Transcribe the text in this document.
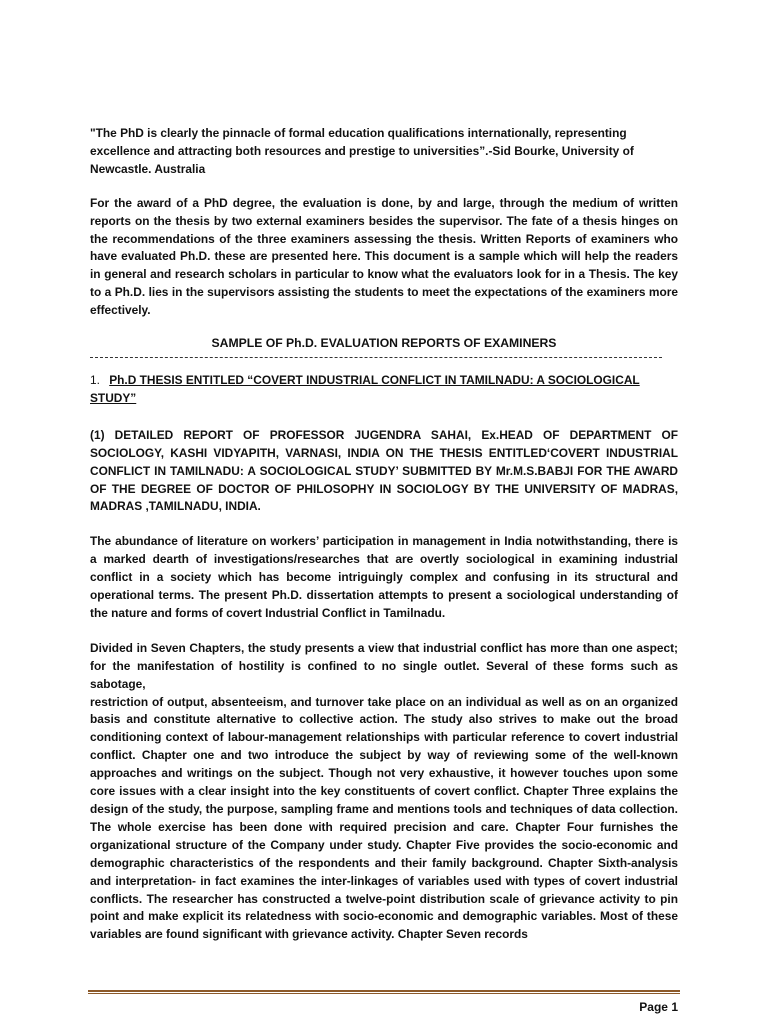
"The PhD is clearly the pinnacle of formal education qualifications internationally, representing excellence and attracting both resources and prestige to universities”.-Sid Bourke, University of Newcastle. Australia

For the award of a PhD degree, the evaluation is done, by and large, through the medium of written reports on the thesis by two external examiners besides the supervisor. The fate of a thesis hinges on the recommendations of the three examiners assessing the thesis. Written Reports of examiners who have evaluated Ph.D. these are presented here. This document is a sample which will help the readers in general and research scholars in particular to know what the evaluators look for in a Thesis. The key to a Ph.D. lies in the supervisors assisting the students to meet the expectations of the examiners more effectively.

SAMPLE OF Ph.D. EVALUATION REPORTS OF EXAMINERS

1. Ph.D THESIS ENTITLED “COVERT INDUSTRIAL CONFLICT IN TAMILNADU: A SOCIOLOGICAL STUDY”

(1) DETAILED REPORT OF PROFESSOR JUGENDRA SAHAI, Ex.HEAD OF DEPARTMENT OF SOCIOLOGY, KASHI VIDYAPITH, VARNASI, INDIA ON THE THESIS ENTITLED‘COVERT INDUSTRIAL CONFLICT IN TAMILNADU: A SOCIOLOGICAL STUDY’ SUBMITTED BY Mr.M.S.BABJI FOR THE AWARD OF THE DEGREE OF DOCTOR OF PHILOSOPHY IN SOCIOLOGY BY THE UNIVERSITY OF MADRAS, MADRAS ,TAMILNADU, INDIA.

The abundance of literature on workers’ participation in management in India notwithstanding, there is a marked dearth of investigations/researches that are overtly sociological in examining industrial conflict in a society which has become intriguingly complex and confusing in its structural and operational terms. The present Ph.D. dissertation attempts to present a sociological understanding of the nature and forms of covert Industrial Conflict in Tamilnadu.

Divided in Seven Chapters, the study presents a view that industrial conflict has more than one aspect; for the manifestation of hostility is confined to no single outlet. Several of these forms such as sabotage,

restriction of output, absenteeism, and turnover take place on an individual as well as on an organized basis and constitute alternative to collective action. The study also strives to make out the broad conditioning context of labour-management relationships with particular reference to covert industrial conflict. Chapter one and two introduce the subject by way of reviewing some of the well-known approaches and writings on the subject. Though not very exhaustive, it however touches upon some core issues with a clear insight into the key constituents of covert conflict. Chapter Three explains the design of the study, the purpose, sampling frame and mentions tools and techniques of data collection. The whole exercise has been done with required precision and care. Chapter Four furnishes the organizational structure of the Company under study. Chapter Five provides the socio-economic and demographic characteristics of the respondents and their family background. Chapter Sixth-analysis and interpretation- in fact examines the inter-linkages of variables used with types of covert industrial conflicts. The researcher has constructed a twelve-point distribution scale of grievance activity to pin point and make explicit its relatedness with socio-economic and demographic variables. Most of these variables are found significant with grievance activity. Chapter Seven records

Page 1
